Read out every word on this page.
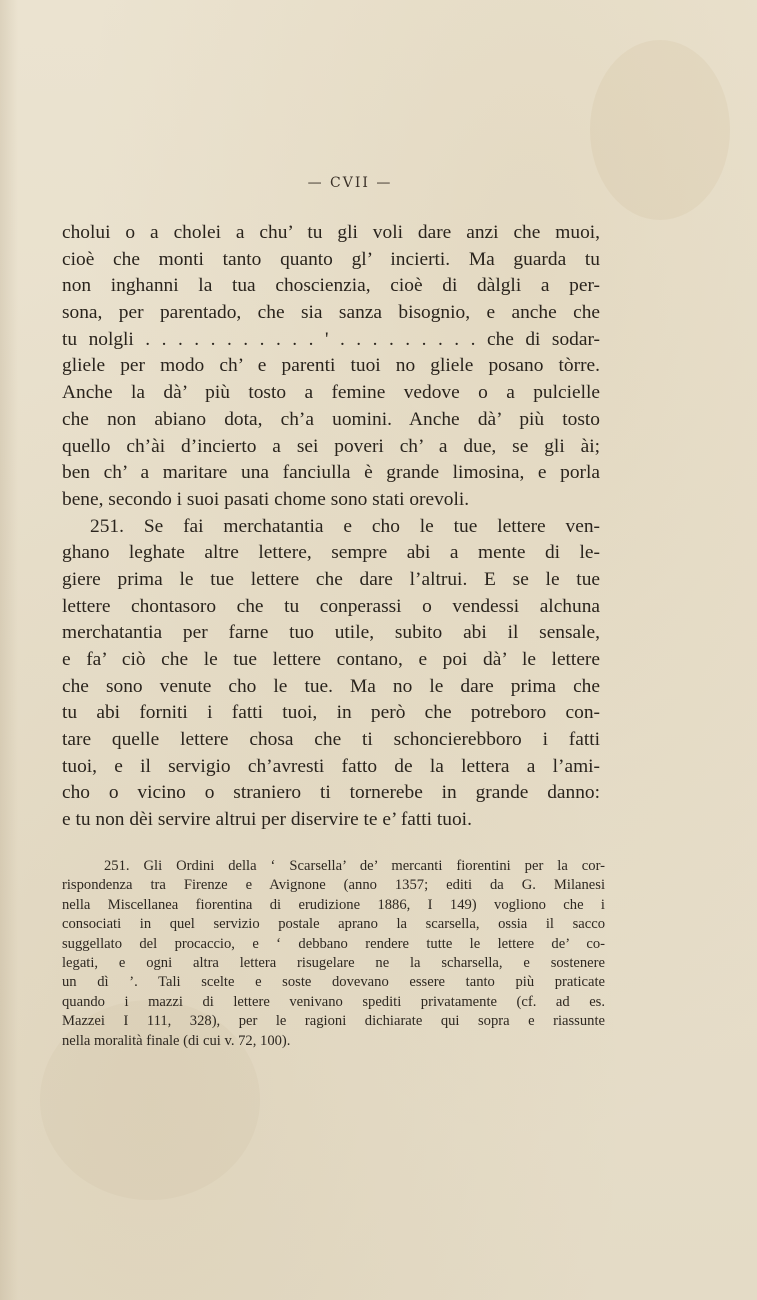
— CVII —
cholui o a cholei a chu’ tu gli voli dare anzi che muoi,
cioè che monti tanto quanto gl’ incierti. Ma guarda tu
non inghanni la tua choscienzia, cioè di dàlgli a per-
sona, per parentado, che sia sanza bisognio, e anche che
tu nolgli . . . . . . . . . . . ' . . . . . . . . . che di sodar-
gliele per modo ch’ e parenti tuoi no gliele posano tòrre.
Anche la dà’ più tosto a femine vedove o a pulcielle
che non abiano dota, ch’a uomini. Anche dà’ più tosto
quello ch’ài d’incierto a sei poveri ch’ a due, se gli ài;
ben ch’ a maritare una fanciulla è grande limosina, e porla
bene, secondo i suoi pasati chome sono stati orevoli.
251. Se fai merchatantia e cho le tue lettere ven-
ghano leghate altre lettere, sempre abi a mente di le-
giere prima le tue lettere che dare l’altrui. E se le tue
lettere chontasoro che tu conperassi o vendessi alchuna
merchatantia per farne tuo utile, subito abi il sensale,
e fa’ ciò che le tue lettere contano, e poi dà’ le lettere
che sono venute cho le tue. Ma no le dare prima che
tu abi forniti i fatti tuoi, in però che potreboro con-
tare quelle lettere chosa che ti schoncierebboro i fatti
tuoi, e il servigio ch’avresti fatto de la lettera a l’ami-
cho o vicino o straniero ti tornerebe in grande danno:
e tu non dèi servire altrui per diservire te e’ fatti tuoi.
251. Gli Ordini della ‘ Scarsella’ de’ mercanti fiorentini per la cor-
rispondenza tra Firenze e Avignone (anno 1357; editi da G. Milanesi
nella Miscellanea fiorentina di erudizione 1886, I 149) vogliono che i
consociati in quel servizio postale aprano la scarsella, ossia il sacco
suggellato del procaccio, e ‘ debbano rendere tutte le lettere de’ co-
legati, e ogni altra lettera risugelare ne la scharsella, e sostenere
un dì ’. Tali scelte e soste dovevano essere tanto più praticate
quando i mazzi di lettere venivano spediti privatamente (cf. ad es.
Mazzei I 111, 328), per le ragioni dichiarate qui sopra e riassunte
nella moralità finale (di cui v. 72, 100).
